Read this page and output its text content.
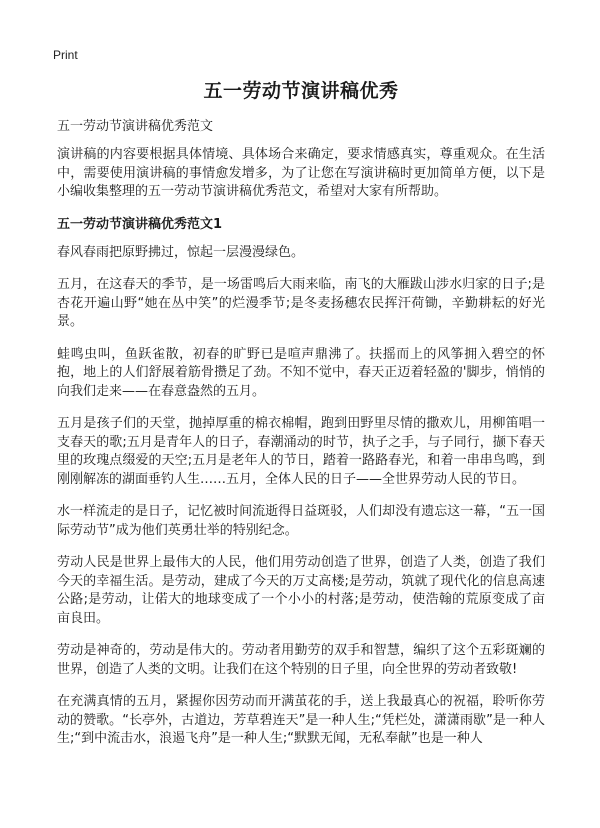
Print
五一劳动节演讲稿优秀
五一劳动节演讲稿优秀范文

演讲稿的内容要根据具体情境、具体场合来确定，要求情感真实，尊重观众。在生活中，需要使用演讲稿的事情愈发增多，为了让您在写演讲稿时更加简单方便，以下是小编收集整理的五一劳动节演讲稿优秀范文，希望对大家有所帮助。

五一劳动节演讲稿优秀范文1

春风春雨把原野拂过，惊起一层漫漫绿色。

五月，在这春天的季节，是一场雷鸣后大雨来临，南飞的大雁跋山涉水归家的日子;是杏花开遍山野“她在丛中笑”的烂漫季节;是冬麦扬穗农民挥汗荷锄，辛勤耕耘的好光景。

蛙鸣虫叫，鱼跃雀散，初春的旷野已是喧声鼎沸了。扶摇而上的风筝拥入碧空的怀抱，地上的人们舒展着筋骨攒足了劲。不知不觉中，春天正迈着轻盈的'脚步，悄悄的向我们走来——在春意盎然的五月。

五月是孩子们的天堂，抛掉厚重的棉衣棉帽，跑到田野里尽情的撒欢儿，用柳笛唱一支春天的歌;五月是青年人的日子，春潮涌动的时节，执子之手，与子同行，撷下春天里的玫瑰点缀爱的天空;五月是老年人的节日，踏着一路路春光，和着一串串鸟鸣，到刚刚解冻的湖面垂钓人生……五月，全体人民的日子——全世界劳动人民的节日。

水一样流走的是日子，记忆被时间流逝得日益斑驳，人们却没有遗忘这一幕，“五一国际劳动节”成为他们英勇壮举的特别纪念。

劳动人民是世界上最伟大的人民，他们用劳动创造了世界，创造了人类，创造了我们今天的幸福生活。是劳动，建成了今天的万丈高楼;是劳动，筑就了现代化的信息高速公路;是劳动，让偌大的地球变成了一个小小的村落;是劳动，使浩翰的荒原变成了亩亩良田。

劳动是神奇的，劳动是伟大的。劳动者用勤劳的双手和智慧，编织了这个五彩斑斓的世界，创造了人类的文明。让我们在这个特别的日子里，向全世界的劳动者致敬!

在充满真情的五月，紧握你因劳动而开满茧花的手，送上我最真心的祝福，聆听你劳动的赞歌。“长亭外，古道边，芳草碧连天”是一种人生;“凭栏处，潇潇雨歇”是一种人生;“到中流击水，浪遏飞舟”是一种人生;“默默无闻，无私奉献”也是一种人
